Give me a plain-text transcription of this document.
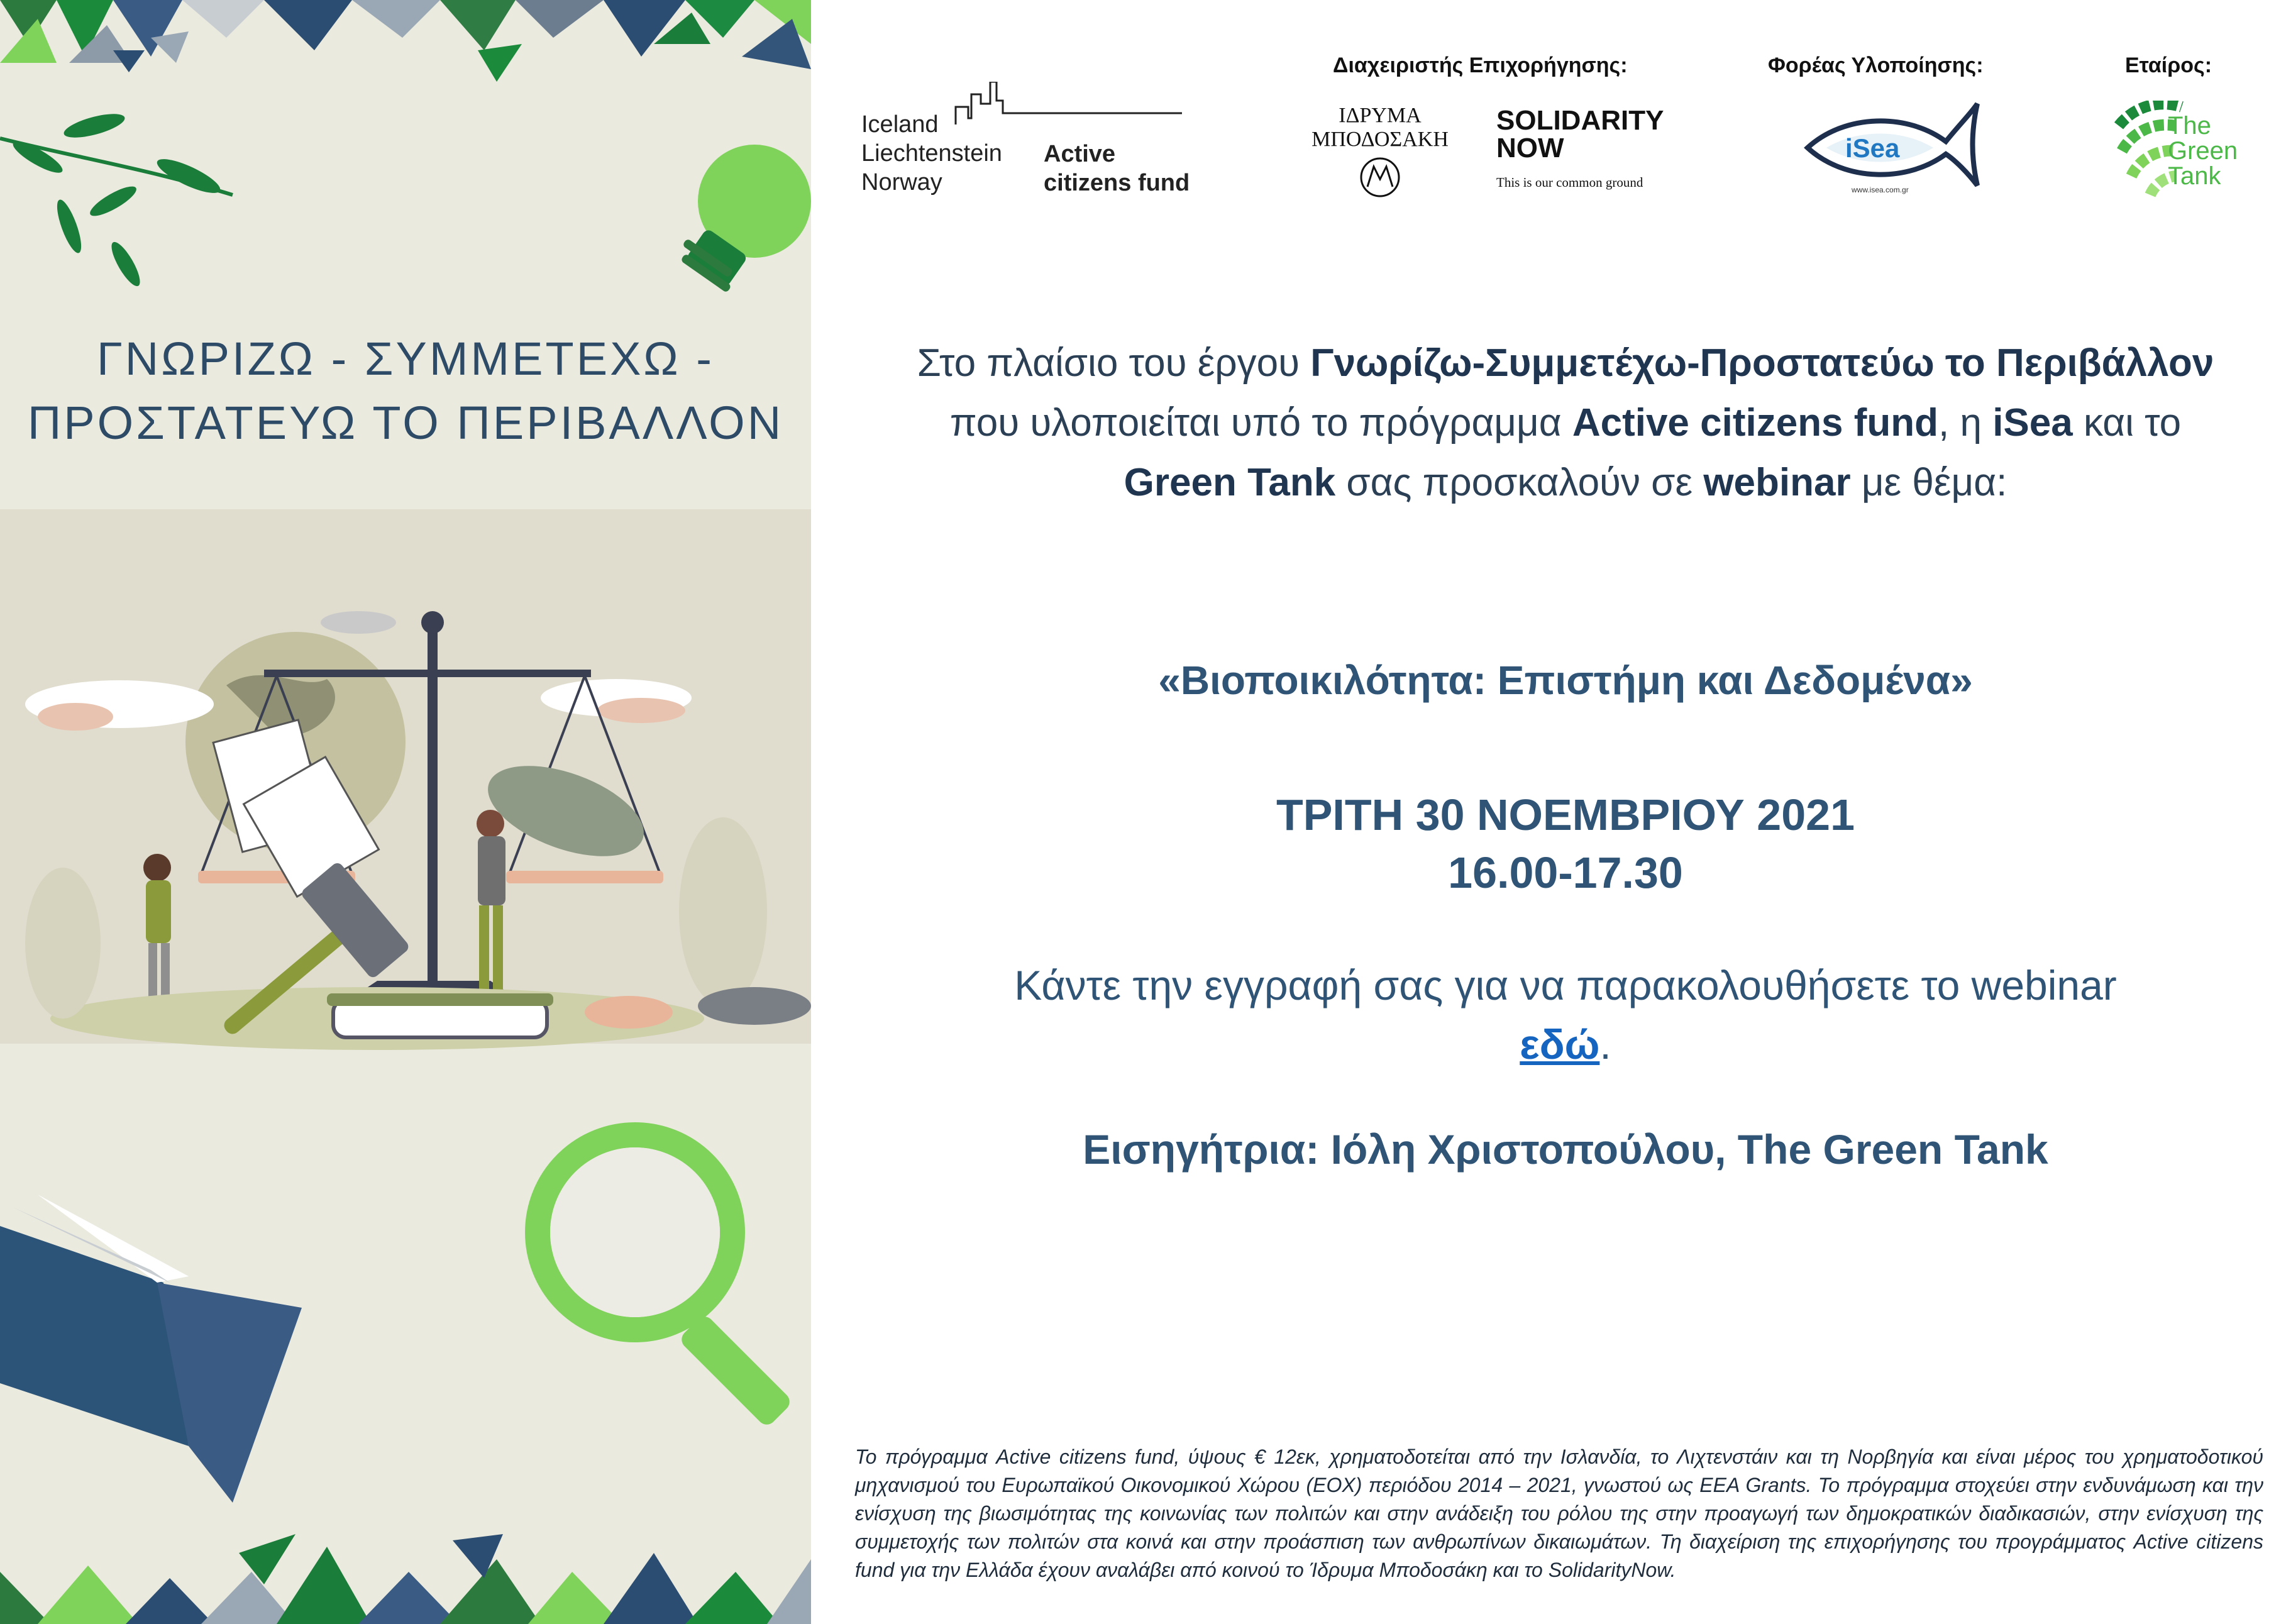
ΓΝΩΡΙΖΩ - ΣΥΜΜΕΤΕΧΩ -
ΠΡΟΣΤΑΤΕΥΩ ΤΟ ΠΕΡΙΒΑΛΛΟΝ
Iceland
Liechtenstein
Norway
Active
citizens fund
Διαχειριστής Επιχορήγησης:
ΙΔΡΥΜΑ
ΜΠΟΔΟΣΑΚΗ
SOLIDARITY
NOW
This is our common ground
Φορέας Υλοποίησης:
iSea
www.isea.com.gr
Εταίρος:
The
Green
Tank
Στο πλαίσιο του έργου Γνωρίζω-Συμμετέχω-Προστατεύω το Περιβάλλον
που υλοποιείται υπό το πρόγραμμα Active citizens fund, η iSea και το
Green Tank σας προσκαλούν σε webinar με θέμα:
«Βιοποικιλότητα: Επιστήμη και Δεδομένα»
ΤΡΙΤΗ 30 ΝΟΕΜΒΡΙΟΥ 2021
16.00-17.30
Κάντε την εγγραφή σας για να παρακολουθήσετε το webinar
εδώ.
Εισηγήτρια: Ιόλη Χριστοπούλου, The Green Tank
Το πρόγραμμα Active citizens fund, ύψους € 12εκ, χρηματοδοτείται από την Ισλανδία, το Λιχτενστάιν και τη Νορβηγία και είναι μέρος του χρηματοδοτικού μηχανισμού του Ευρωπαϊκού Οικονομικού Χώρου (ΕΟΧ) περιόδου 2014 – 2021, γνωστού ως EEA Grants. Το πρόγραμμα στοχεύει στην ενδυνάμωση και την ενίσχυση της βιωσιμότητας της κοινωνίας των πολιτών και στην ανάδειξη του ρόλου της στην προαγωγή των δημοκρατικών διαδικασιών, στην ενίσχυση της συμμετοχής των πολιτών στα κοινά και στην προάσπιση των ανθρωπίνων δικαιωμάτων. Τη διαχείριση της επιχορήγησης του προγράμματος Active citizens fund για την Ελλάδα έχουν αναλάβει από κοινού το Ίδρυμα Μποδοσάκη και το SolidarityNow.
